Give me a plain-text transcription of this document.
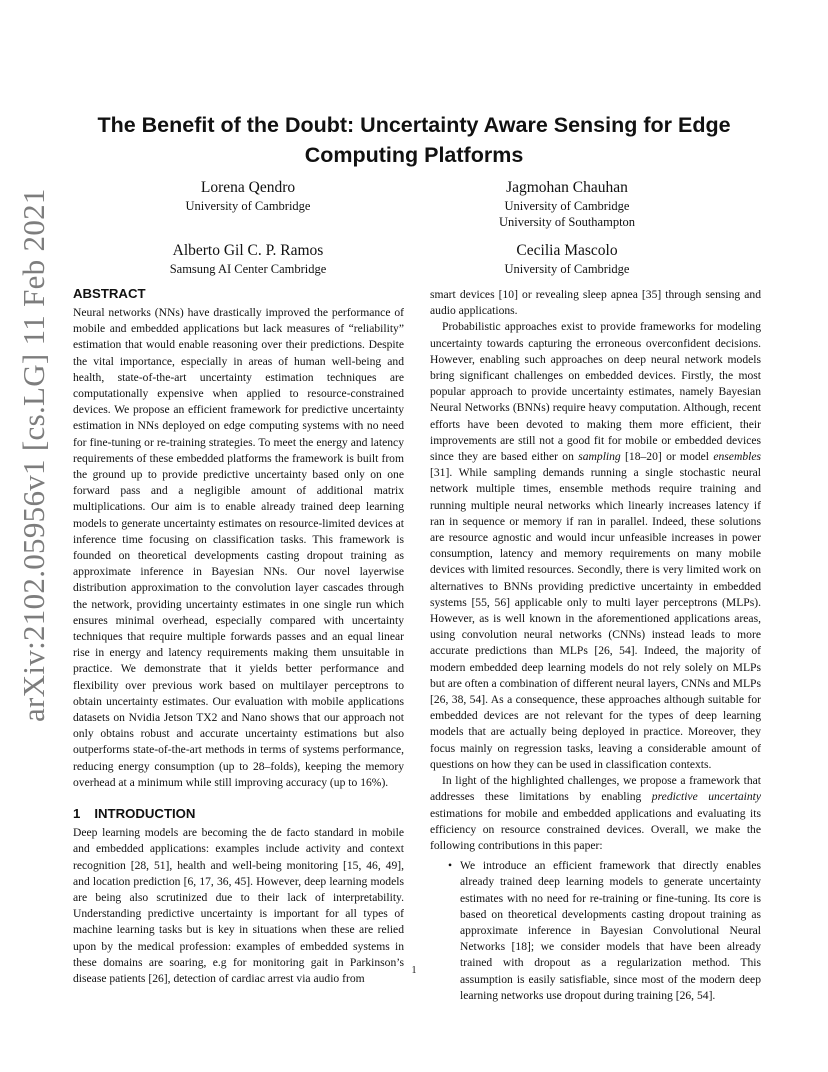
arXiv:2102.05956v1 [cs.LG] 11 Feb 2021
The Benefit of the Doubt: Uncertainty Aware Sensing for Edge
Computing Platforms
Lorena Qendro
University of Cambridge
Jagmohan Chauhan
University of Cambridge
University of Southampton
Alberto Gil C. P. Ramos
Samsung AI Center Cambridge
Cecilia Mascolo
University of Cambridge
ABSTRACT

Neural networks (NNs) have drastically improved the performance of mobile and embedded applications but lack measures of “reliability” estimation that would enable reasoning over their predictions. Despite the vital importance, especially in areas of human well-being and health, state-of-the-art uncertainty estimation techniques are computationally expensive when applied to resource-constrained devices. We propose an efficient framework for predictive uncertainty estimation in NNs deployed on edge computing systems with no need for fine-tuning or re-training strategies. To meet the energy and latency requirements of these embedded platforms the framework is built from the ground up to provide predictive uncertainty based only on one forward pass and a negligible amount of additional matrix multiplications. Our aim is to enable already trained deep learning models to generate uncertainty estimates on resource-limited devices at inference time focusing on classification tasks. This framework is founded on theoretical developments casting dropout training as approximate inference in Bayesian NNs. Our novel layerwise distribution approximation to the convolution layer cascades through the network, providing uncertainty estimates in one single run which ensures minimal overhead, especially compared with uncertainty techniques that require multiple forwards passes and an equal linear rise in energy and latency requirements making them unsuitable in practice. We demonstrate that it yields better performance and flexibility over previous work based on multilayer perceptrons to obtain uncertainty estimates. Our evaluation with mobile applications datasets on Nvidia Jetson TX2 and Nano shows that our approach not only obtains robust and accurate uncertainty estimations but also outperforms state-of-the-art methods in terms of systems performance, reducing energy consumption (up to 28–folds), keeping the memory overhead at a minimum while still improving accuracy (up to 16%).

1 INTRODUCTION

Deep learning models are becoming the de facto standard in mobile and embedded applications: examples include activity and context recognition [28, 51], health and well-being monitoring [15, 46, 49], and location prediction [6, 17, 36, 45]. However, deep learning models are being also scrutinized due to their lack of interpretability. Understanding predictive uncertainty is important for all types of machine learning tasks but is key in situations when these are relied upon by the medical profession: examples of embedded systems in these domains are soaring, e.g for monitoring gait in Parkinson’s disease patients [26], detection of cardiac arrest via audio from

smart devices [10] or revealing sleep apnea [35] through sensing and audio applications.

Probabilistic approaches exist to provide frameworks for modeling uncertainty towards capturing the erroneous overconfident decisions. However, enabling such approaches on deep neural network models bring significant challenges on embedded devices. Firstly, the most popular approach to provide uncertainty estimates, namely Bayesian Neural Networks (BNNs) require heavy computation. Although, recent efforts have been devoted to making them more efficient, their improvements are still not a good fit for mobile or embedded devices since they are based either on sampling [18–20] or model ensembles [31]. While sampling demands running a single stochastic neural network multiple times, ensemble methods require training and running multiple neural networks which linearly increases latency if ran in sequence or memory if ran in parallel. Indeed, these solutions are resource agnostic and would incur unfeasible increases in power consumption, latency and memory requirements on many mobile devices with limited resources. Secondly, there is very limited work on alternatives to BNNs providing predictive uncertainty in embedded systems [55, 56] applicable only to multi layer perceptrons (MLPs). However, as is well known in the aforementioned applications areas, using convolution neural networks (CNNs) instead leads to more accurate predictions than MLPs [26, 54]. Indeed, the majority of modern embedded deep learning models do not rely solely on MLPs but are often a combination of different neural layers, CNNs and MLPs [26, 38, 54]. As a consequence, these approaches although suitable for embedded devices are not relevant for the types of deep learning models that are actually being deployed in practice. Moreover, they focus mainly on regression tasks, leaving a considerable amount of questions on how they can be used in classification contexts.

In light of the highlighted challenges, we propose a framework that addresses these limitations by enabling predictive uncertainty estimations for mobile and embedded applications and evaluating its efficiency on resource constrained devices. Overall, we make the following contributions in this paper:

• We introduce an efficient framework that directly enables already trained deep learning models to generate uncertainty estimates with no need for re-training or fine-tuning. Its core is based on theoretical developments casting dropout training as approximate inference in Bayesian Convolutional Neural Networks [18]; we consider models that have been already trained with dropout as a regularization method. This assumption is easily satisfiable, since most of the modern deep learning networks use dropout during training [26, 54].
1
